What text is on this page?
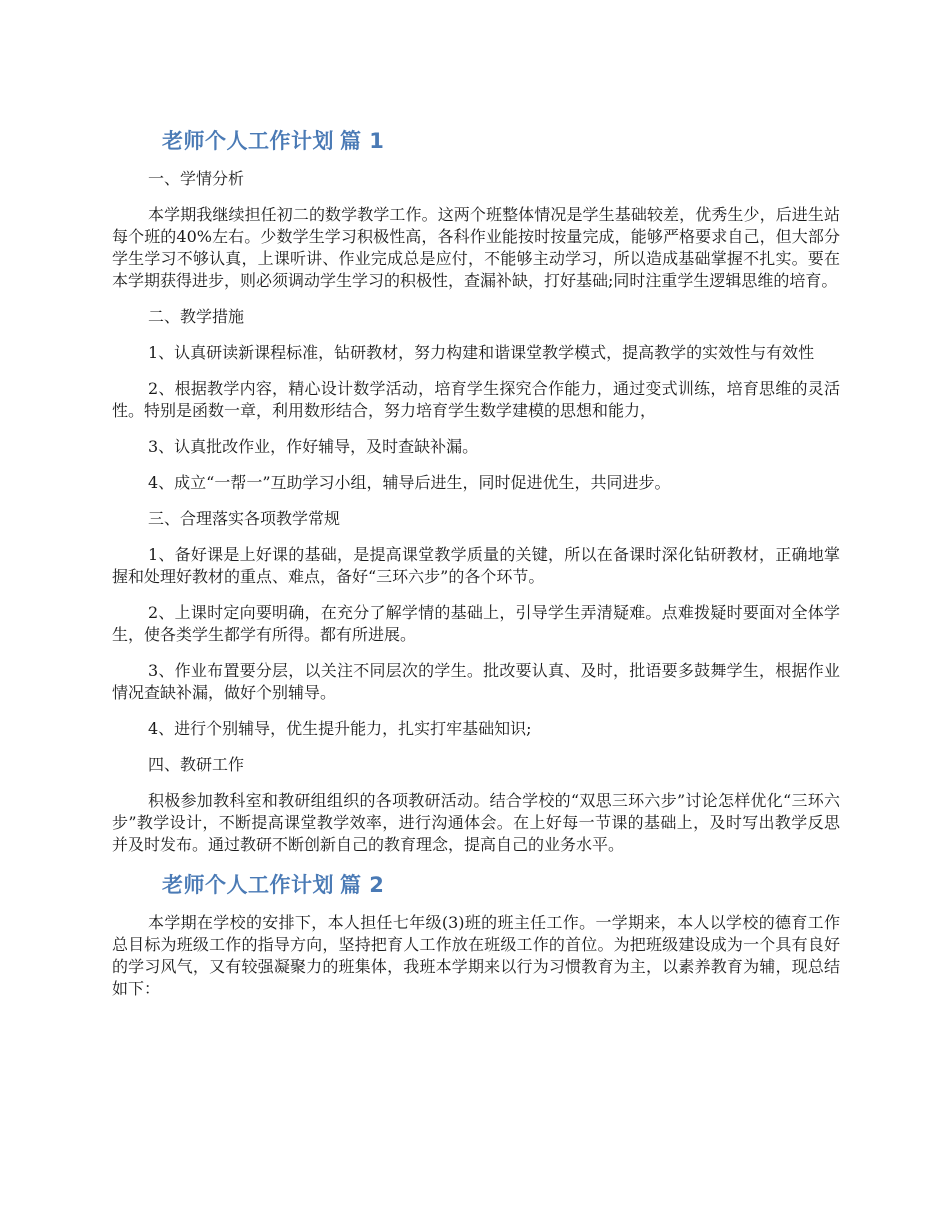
老师个人工作计划 篇 1

一、学情分析

本学期我继续担任初二的数学教学工作。这两个班整体情况是学生基础较差，优秀生少，后进生站每个班的40%左右。少数学生学习积极性高，各科作业能按时按量完成，能够严格要求自己，但大部分学生学习不够认真，上课听讲、作业完成总是应付，不能够主动学习，所以造成基础掌握不扎实。要在本学期获得进步，则必须调动学生学习的积极性，查漏补缺，打好基础;同时注重学生逻辑思维的培育。

二、教学措施

1、认真研读新课程标准，钻研教材，努力构建和谐课堂教学模式，提高教学的实效性与有效性

2、根据教学内容，精心设计数学活动，培育学生探究合作能力，通过变式训练，培育思维的灵活性。特别是函数一章，利用数形结合，努力培育学生数学建模的思想和能力，

3、认真批改作业，作好辅导，及时查缺补漏。

4、成立“一帮一”互助学习小组，辅导后进生，同时促进优生，共同进步。

三、合理落实各项教学常规

1、备好课是上好课的基础，是提高课堂教学质量的关键，所以在备课时深化钻研教材，正确地掌握和处理好教材的重点、难点，备好“三环六步”的各个环节。

2、上课时定向要明确，在充分了解学情的基础上，引导学生弄清疑难。点难拨疑时要面对全体学生，使各类学生都学有所得。都有所进展。

3、作业布置要分层，以关注不同层次的学生。批改要认真、及时，批语要多鼓舞学生，根据作业情况查缺补漏，做好个别辅导。

4、进行个别辅导，优生提升能力，扎实打牢基础知识;

四、教研工作

积极参加教科室和教研组组织的各项教研活动。结合学校的“双思三环六步”讨论怎样优化“三环六步”教学设计，不断提高课堂教学效率，进行沟通体会。在上好每一节课的基础上，及时写出教学反思并及时发布。通过教研不断创新自己的教育理念，提高自己的业务水平。

老师个人工作计划 篇 2

本学期在学校的安排下，本人担任七年级(3)班的班主任工作。一学期来，本人以学校的德育工作总目标为班级工作的指导方向，坚持把育人工作放在班级工作的首位。为把班级建设成为一个具有良好的学习风气，又有较强凝聚力的班集体，我班本学期来以行为习惯教育为主，以素养教育为辅，现总结如下：
